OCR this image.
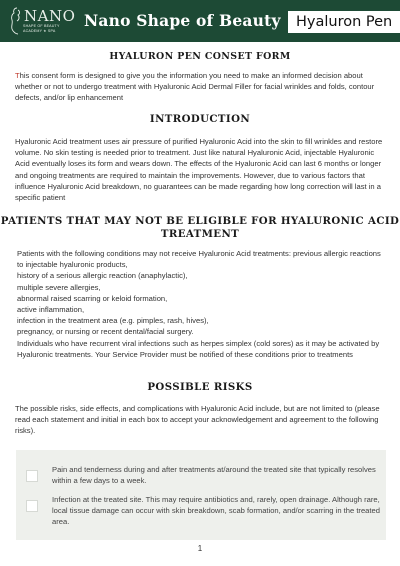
NANO
SHAPE OF BEAUTY ACADEMY ★ SPA
Nano Shape of Beauty Hyaluron Pen
HYALURON PEN CONSET FORM
This consent form is designed to give you the information you need to make an informed decision about whether or not to undergo treatment with Hyaluronic Acid Dermal Filler for facial wrinkles and folds, contour defects, and/or lip enhancement
INTRODUCTION
Hyaluronic Acid treatment uses air pressure of purified Hyaluronic Acid into the skin to fill wrinkles and restore volume. No skin testing is needed prior to treatment. Just like natural Hyaluronic Acid, injectable Hyaluronic Acid eventually loses its form and wears down. The effects of the Hyaluronic Acid can last 6 months or longer and ongoing treatments are required to maintain the improvements. However, due to various factors that influence Hyaluronic Acid breakdown, no guarantees can be made regarding how long correction will last in a specific patient
PATIENTS THAT MAY NOT BE ELIGIBLE FOR HYALURONIC ACID
TREATMENT
Patients with the following conditions may not receive Hyaluronic Acid treatments: previous allergic reactions to injectable hyaluronic products,
history of a serious allergic reaction (anaphylactic),
multiple severe allergies,
abnormal raised scarring or keloid formation,
active inflammation,
infection in the treatment area (e.g. pimples, rash, hives),
pregnancy, or nursing or recent dental/facial surgery.
Individuals who have recurrent viral infections such as herpes simplex (cold sores) as it may be activated by Hyaluronic treatments. Your Service Provider must be notified of these conditions prior to treatments
POSSIBLE RISKS
The possible risks, side effects, and complications with Hyaluronic Acid include, but are not limited to (please read each statement and initial in each box to accept your acknowledgement and agreement to the following risks).
Pain and tenderness during and after treatments at/around the treated site that typically resolves within a few days to a week.
Infection at the treated site. This may require antibiotics and, rarely, open drainage. Although rare, local tissue damage can occur with skin breakdown, scab formation, and/or scarring in the treated area.
1
